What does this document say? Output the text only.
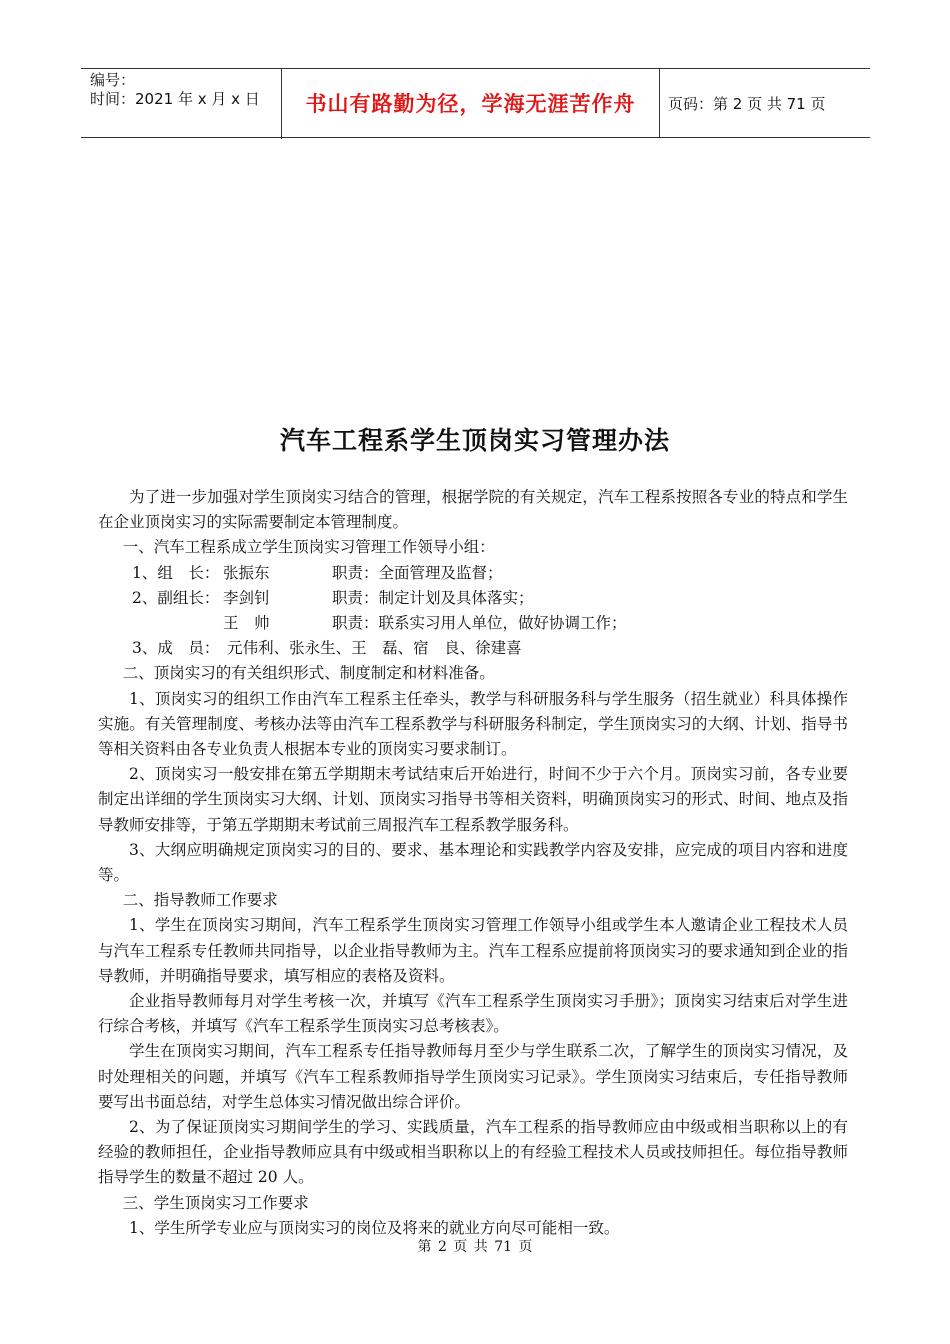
编号：
时间：2021 年 x 月 x 日	书山有路勤为径，学海无涯苦作舟	页码：第 2 页 共 71 页
汽车工程系学生顶岗实习管理办法

为了进一步加强对学生顶岗实习结合的管理，根据学院的有关规定，汽车工程系按照各专业的特点和学生在企业顶岗实习的实际需要制定本管理制度。

一、汽车工程系成立学生顶岗实习管理工作领导小组：

1、组　长： 张振东	　　职责：全面管理及监督；
2、副组长： 李剑钊	　　职责：制定计划及具体落实；
王　帅	　　职责：联系实习用人单位，做好协调工作；
3、成　员：　元伟利、张永生、王　磊、宿　良、徐建喜

二、顶岗实习的有关组织形式、制度制定和材料准备。

1、顶岗实习的组织工作由汽车工程系主任牵头，教学与科研服务科与学生服务（招生就业）科具体操作实施。有关管理制度、考核办法等由汽车工程系教学与科研服务科制定，学生顶岗实习的大纲、计划、指导书等相关资料由各专业负责人根据本专业的顶岗实习要求制订。

2、顶岗实习一般安排在第五学期期末考试结束后开始进行，时间不少于六个月。顶岗实习前，各专业要制定出详细的学生顶岗实习大纲、计划、顶岗实习指导书等相关资料，明确顶岗实习的形式、时间、地点及指导教师安排等，于第五学期期末考试前三周报汽车工程系教学服务科。

3、大纲应明确规定顶岗实习的目的、要求、基本理论和实践教学内容及安排，应完成的项目内容和进度等。

二、指导教师工作要求

1、学生在顶岗实习期间，汽车工程系学生顶岗实习管理工作领导小组或学生本人邀请企业工程技术人员与汽车工程系专任教师共同指导，以企业指导教师为主。汽车工程系应提前将顶岗实习的要求通知到企业的指导教师，并明确指导要求，填写相应的表格及资料。

企业指导教师每月对学生考核一次，并填写《汽车工程系学生顶岗实习手册》；顶岗实习结束后对学生进行综合考核，并填写《汽车工程系学生顶岗实习总考核表》。

学生在顶岗实习期间，汽车工程系专任指导教师每月至少与学生联系二次，了解学生的顶岗实习情况，及时处理相关的问题，并填写《汽车工程系教师指导学生顶岗实习记录》。学生顶岗实习结束后，专任指导教师要写出书面总结，对学生总体实习情况做出综合评价。

2、为了保证顶岗实习期间学生的学习、实践质量，汽车工程系的指导教师应由中级或相当职称以上的有经验的教师担任，企业指导教师应具有中级或相当职称以上的有经验工程技术人员或技师担任。每位指导教师指导学生的数量不超过 20 人。

三、学生顶岗实习工作要求

1、学生所学专业应与顶岗实习的岗位及将来的就业方向尽可能相一致。

第 2 页 共 71 页
